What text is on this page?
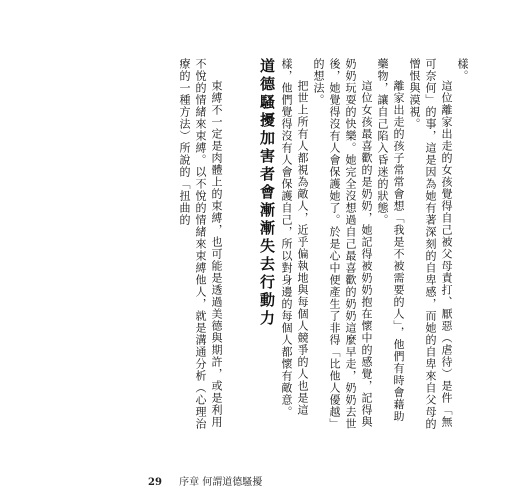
樣。

這位離家出走的女孩覺得自己被父母責打、厭惡（虐待）是件「無可奈何」的事，這是因為她有著深刻的自卑感，而她的自卑來自父母的憎恨與漠視。

離家出走的孩子常常會想「我是不被需要的人」，他們有時會藉助藥物，讓自己陷入昏迷的狀態。

這位女孩最喜歡的是奶奶，她記得被奶奶抱在懷中的感覺，記得與奶奶玩耍的快樂。她完全沒想過自己最喜歡的奶奶這麼早走，奶奶去世後，她覺得沒有人會保護她了。於是心中便產生了非得「比他人優越」的想法。

把世上所有人都視為敵人，近乎偏執地與每個人競爭的人也是這樣，他們覺得沒有人會保護自己，所以對身邊的每個人都懷有敵意。

道德騷擾加害者會漸漸失去行動力

束縛不一定是肉體上的束縛，也可能是透過美德與期許，或是利用不悅的情緒來束縛。以不悅的情緒來束縛他人，就是溝通分析（心理治療的一種方法）所說的「扭曲的

29 序章 何謂道德騷擾
